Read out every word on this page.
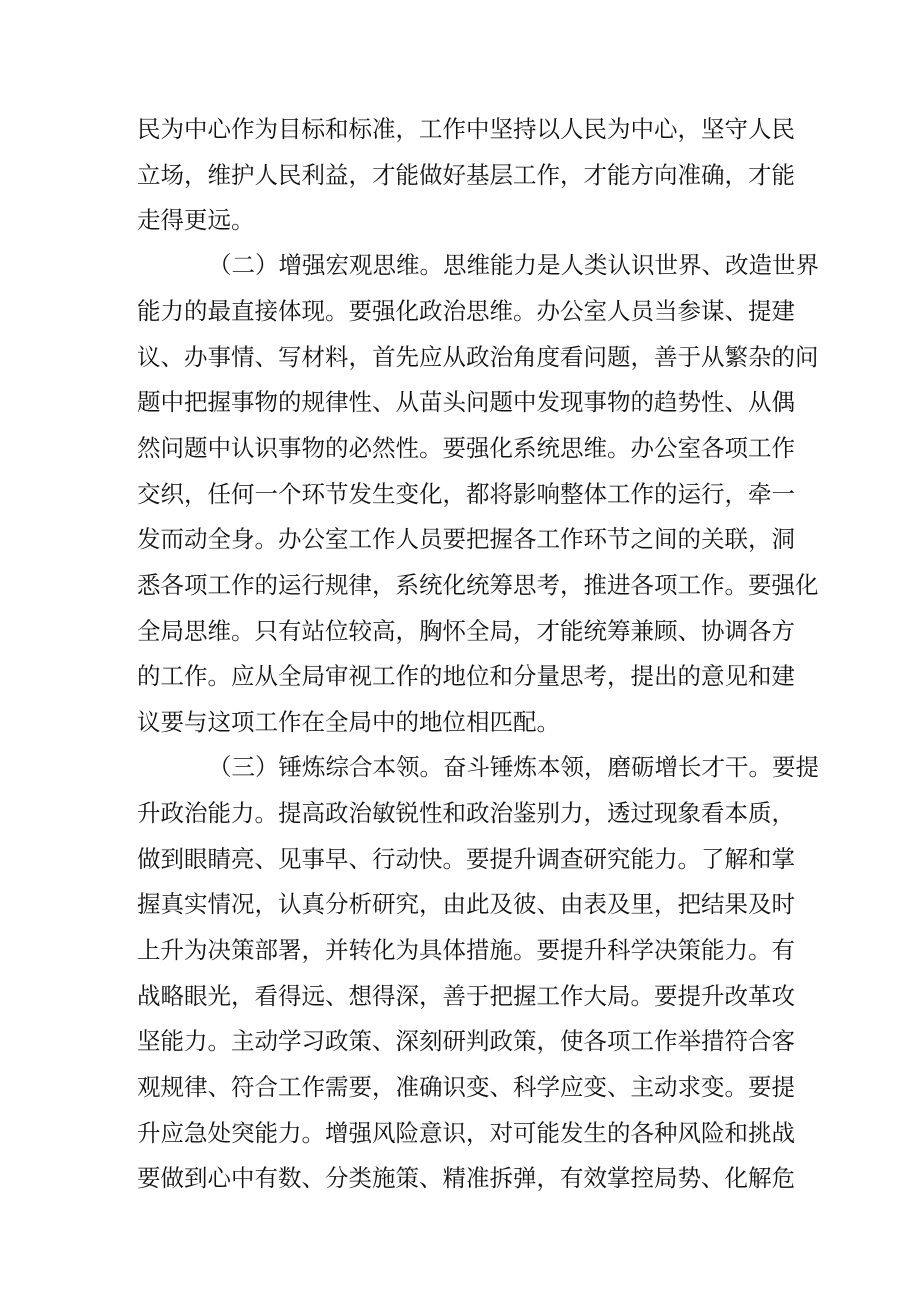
民为中心作为目标和标准，工作中坚持以人民为中心，坚守人民
立场，维护人民利益，才能做好基层工作，才能方向准确，才能
走得更远。
（二）增强宏观思维。思维能力是人类认识世界、改造世界
能力的最直接体现。要强化政治思维。办公室人员当参谋、提建
议、办事情、写材料，首先应从政治角度看问题，善于从繁杂的问
题中把握事物的规律性、从苗头问题中发现事物的趋势性、从偶
然问题中认识事物的必然性。要强化系统思维。办公室各项工作
交织，任何一个环节发生变化，都将影响整体工作的运行，牵一
发而动全身。办公室工作人员要把握各工作环节之间的关联，洞
悉各项工作的运行规律，系统化统筹思考，推进各项工作。要强化
全局思维。只有站位较高，胸怀全局，才能统筹兼顾、协调各方
的工作。应从全局审视工作的地位和分量思考，提出的意见和建
议要与这项工作在全局中的地位相匹配。
（三）锤炼综合本领。奋斗锤炼本领，磨砺增长才干。要提
升政治能力。提高政治敏锐性和政治鉴别力，透过现象看本质，
做到眼睛亮、见事早、行动快。要提升调查研究能力。了解和掌
握真实情况，认真分析研究，由此及彼、由表及里，把结果及时
上升为决策部署，并转化为具体措施。要提升科学决策能力。有
战略眼光，看得远、想得深，善于把握工作大局。要提升改革攻
坚能力。主动学习政策、深刻研判政策，使各项工作举措符合客
观规律、符合工作需要，准确识变、科学应变、主动求变。要提
升应急处突能力。增强风险意识，对可能发生的各种风险和挑战
要做到心中有数、分类施策、精准拆弹，有效掌控局势、化解危
